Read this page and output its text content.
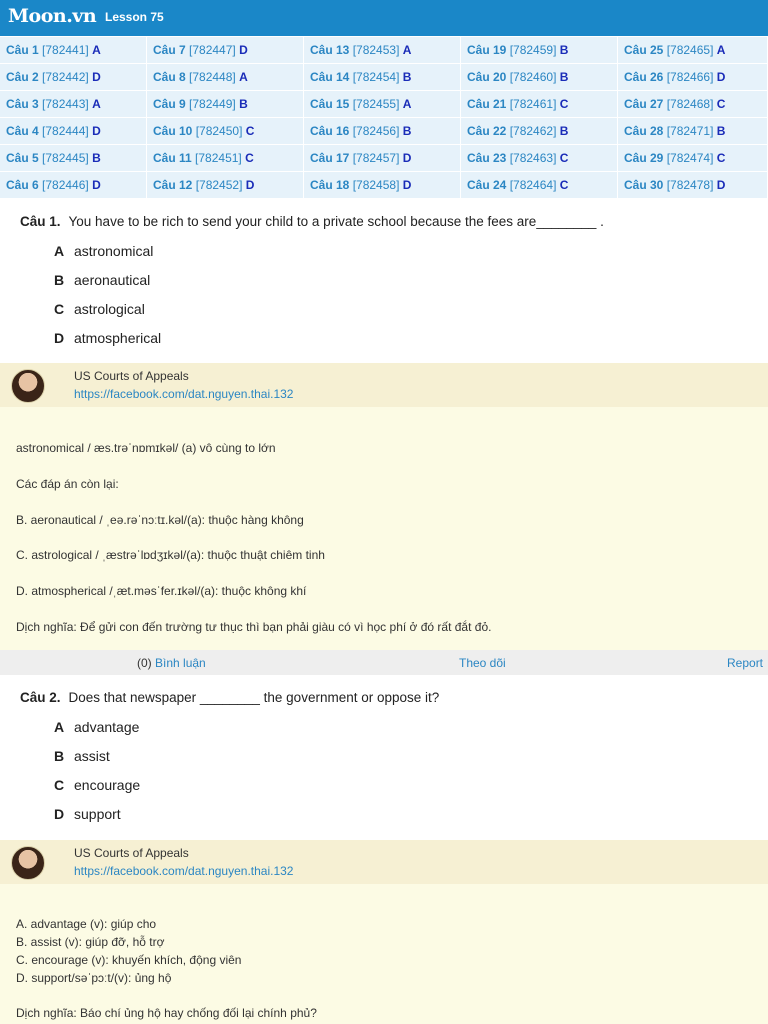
Moon.vn Lesson 75
Câu 1 [782441] A	Câu 7 [782447] D	Câu 13 [782453] A	Câu 19 [782459] B	Câu 25 [782465] A
Câu 2 [782442] D	Câu 8 [782448] A	Câu 14 [782454] B	Câu 20 [782460] B	Câu 26 [782466] D
Câu 3 [782443] A	Câu 9 [782449] B	Câu 15 [782455] A	Câu 21 [782461] C	Câu 27 [782468] C
Câu 4 [782444] D	Câu 10 [782450] C	Câu 16 [782456] B	Câu 22 [782462] B	Câu 28 [782471] B
Câu 5 [782445] B	Câu 11 [782451] C	Câu 17 [782457] D	Câu 23 [782463] C	Câu 29 [782474] C
Câu 6 [782446] D	Câu 12 [782452] D	Câu 18 [782458] D	Câu 24 [782464] C	Câu 30 [782478] D
Câu 1. You have to be rich to send your child to a private school because the fees are________ .
A astronomical
B aeronautical
C astrological
D atmospherical
US Courts of Appeals
https://facebook.com/dat.nguyen.thai.132
astronomical / æs.trəˈnɒmɪkəl/ (a) vô cùng to lớn
Các đáp án còn lại:
B. aeronautical / ˌeə.rəˈnɔːtɪ.kəl/(a): thuộc hàng không
C. astrological / ˌæstrəˈlɒdʒɪkəl/(a): thuộc thuật chiêm tinh
D. atmospherical /ˌæt.məsˈfer.ɪkəl/(a): thuộc không khí
Dịch nghĩa: Để gửi con đến trường tư thục thì bạn phải giàu có vì học phí ở đó rất đắt đỏ.
(0) Bình luận	Theo dõi	Report
Câu 2. Does that newspaper ________ the government or oppose it?
A advantage
B assist
C encourage
D support
US Courts of Appeals
https://facebook.com/dat.nguyen.thai.132
A. advantage (v): giúp cho
B. assist (v): giúp đỡ, hỗ trợ
C. encourage (v): khuyến khích, động viên
D. support/səˈpɔːt/(v): ủng hộ
Dịch nghĩa: Báo chí ủng hộ hay chống đối lại chính phủ?
